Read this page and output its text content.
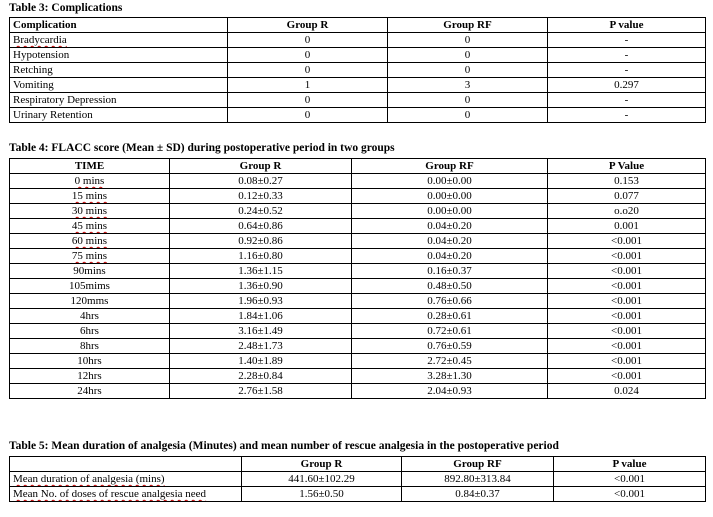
Table 3: Complications
Complication	Group R	Group RF	P value
Bradycardia	0	0	-
Hypotension	0	0	-
Retching	0	0	-
Vomiting	1	3	0.297
Respiratory Depression	0	0	-
Urinary Retention	0	0	-
Table 4: FLACC score (Mean ± SD) during postoperative period in two groups
TIME	Group R	Group RF	P Value
0 mins	0.08±0.27	0.00±0.00	0.153
15 mins	0.12±0.33	0.00±0.00	0.077
30 mins	0.24±0.52	0.00±0.00	o.o20
45 mins	0.64±0.86	0.04±0.20	0.001
60 mins	0.92±0.86	0.04±0.20	<0.001
75 mins	1.16±0.80	0.04±0.20	<0.001
90mins	1.36±1.15	0.16±0.37	<0.001
105mims	1.36±0.90	0.48±0.50	<0.001
120mms	1.96±0.93	0.76±0.66	<0.001
4hrs	1.84±1.06	0.28±0.61	<0.001
6hrs	3.16±1.49	0.72±0.61	<0.001
8hrs	2.48±1.73	0.76±0.59	<0.001
10hrs	1.40±1.89	2.72±0.45	<0.001
12hrs	2.28±0.84	3.28±1.30	<0.001
24hrs	2.76±1.58	2.04±0.93	0.024
Table 5: Mean duration of analgesia (Minutes) and mean number of rescue analgesia in the postoperative period
	Group R	Group RF	P value
Mean duration of analgesia (mins)	441.60±102.29	892.80±313.84	<0.001
Mean No. of doses of rescue analgesia need	1.56±0.50	0.84±0.37	<0.001
